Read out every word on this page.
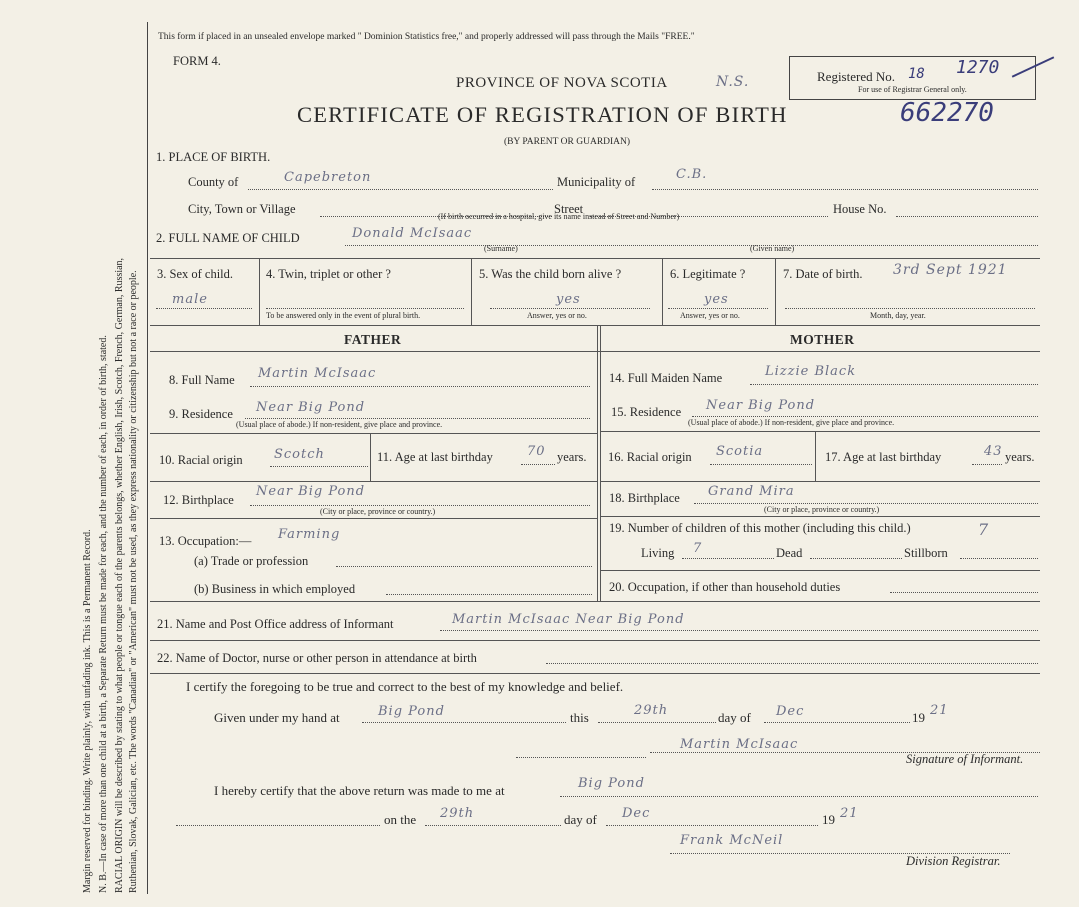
Margin reserved for binding. Write plainly, with unfading ink. This is a Permanent Record. N. B.—In case of more than one child at a birth, a Separate Return must be made for each, and the number of each, in order of birth, stated. RACIAL ORIGIN will be described by stating to what people or tongue each of the parents belongs, whether English, Irish, Scotch, French, German, Russian, Ruthenian, Slovak, Galician, etc. The words "Canadian" or "American" must not be used, as they express nationality or citizenship but not a race or people.
This form if placed in an unsealed envelope marked " Dominion Statistics free," and properly addressed will pass through the Mails "FREE."
FORM 4.
PROVINCE OF NOVA SCOTIA	N.S.	Registered No. 18 1270
For use of Registrar General only.
CERTIFICATE OF REGISTRATION OF BIRTH	662270
(BY PARENT OR GUARDIAN)
1. PLACE OF BIRTH.
County of	Capebreton	Municipality of	C.B.
City, Town or Village	Street	House No.
(If birth occurred in a hospital, give its name instead of Street and Number)
2. FULL NAME OF CHILD	Donald McIsaac
(Surname)	(Given name)
3. Sex of child.
male
4. Twin, triplet or other ?
To be answered only in the event of plural birth.
5. Was the child born alive ?
yes
Answer, yes or no.
6. Legitimate ?
yes
Answer, yes or no.
7. Date of birth. 3rd Sept 1921
Month, day, year.
FATHER	MOTHER
8. Full Name Martin McIsaac
9. Residence Near Big Pond
(Usual place of abode.) If non-resident, give place and province.
10. Racial origin Scotch	11. Age at last birthday	70 years.
12. Birthplace
Near Big Pond
(City or place, province or country.)
13. Occupation:— Farming
(a) Trade or profession
(b) Business in which employed
14. Full Maiden Name	Lizzie Black
15. Residence Near Big Pond
(Usual place of abode.) If non-resident, give place and province.
16. Racial origin Scotia	17. Age at last birthday	43 years.
18. Birthplace Grand Mira
(City or place, province or country.)
19. Number of children of this mother (including this child.)	7
Living 7	Dead	Stillborn
20. Occupation, if other than household duties
21. Name and Post Office address of Informant	Martin McIsaac Near Big Pond
22. Name of Doctor, nurse or other person in attendance at birth
I certify the foregoing to be true and correct to the best of my knowledge and belief.
Given under my hand at	Big Pond	this	29th	day of Dec	19 21
Martin McIsaac
Signature of Informant.
I hereby certify that the above return was made to me at	Big Pond
on the 29th	day of Dec	19 21
Frank McNeil
Division Registrar.
